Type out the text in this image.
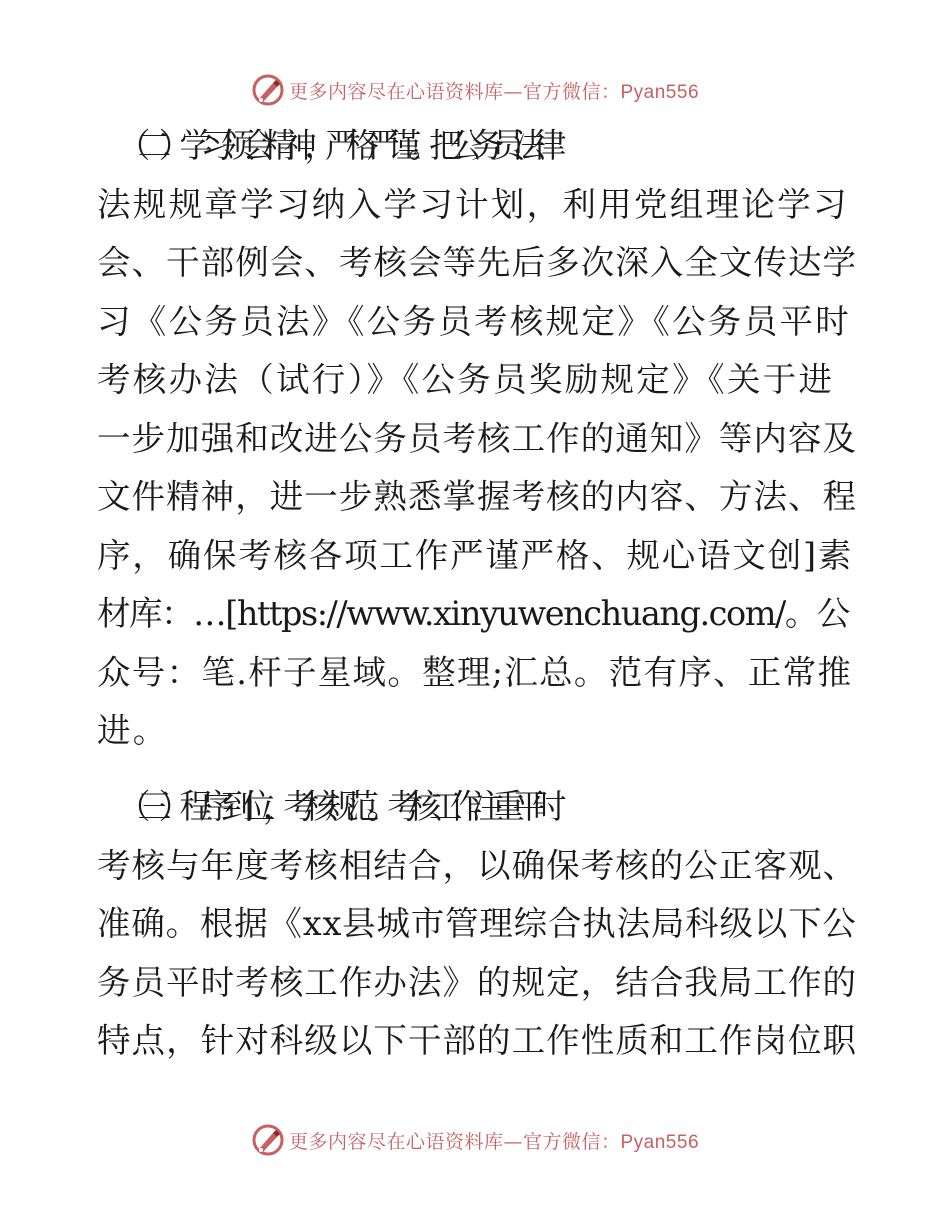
更多内容尽在心语资料库—官方微信：Pyan556

（二）学习领会精神，严格严谨。把公务员法律
法规规章学习纳入学习计划，利用党组理论学习
会、干部例会、考核会等先后多次深入全文传达学
习《公务员法》《公务员考核规定》《公务员平时
考核办法（试行）》《公务员奖励规定》《关于进
一步加强和改进公务员考核工作的通知》等内容及
文件精神，进一步熟悉掌握考核的内容、方法、程
序，确保考核各项工作严谨严格、规心语文创]素
材库：…[https://www.xinyuwenchuang.com/。公
众号：笔.杆子星域。整理;汇总。范有序、正常推
进。

（三）程序到位，考核规范。考核工作注重平时
考核与年度考核相结合，以确保考核的公正客观、
准确。根据《xx县城市管理综合执法局科级以下公
务员平时考核工作办法》的规定，结合我局工作的
特点，针对科级以下干部的工作性质和工作岗位职

更多内容尽在心语资料库—官方微信：Pyan556
